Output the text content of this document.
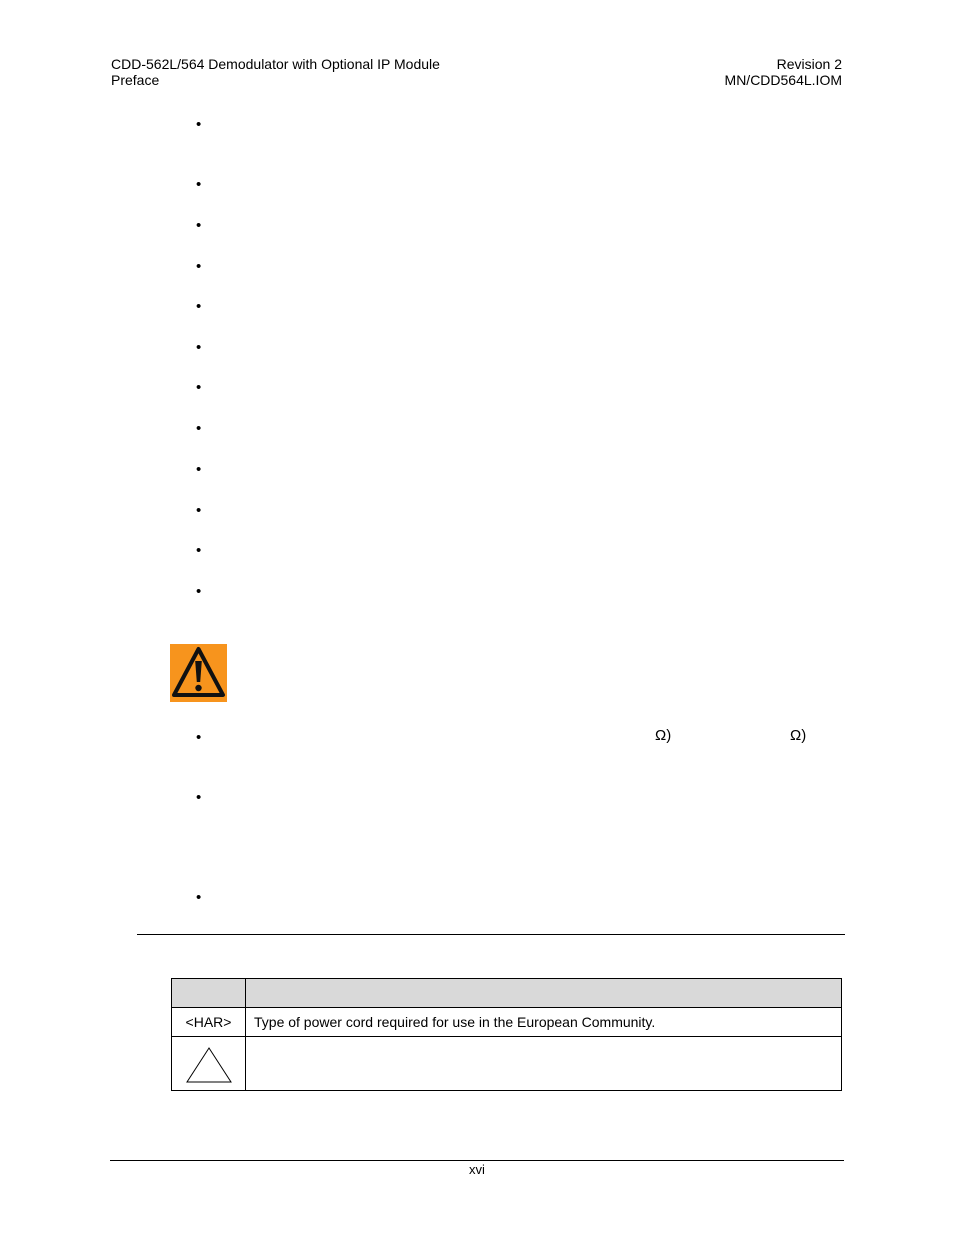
CDD-562L/564 Demodulator with Optional IP Module
Preface
Revision 2
MN/CDD564L.IOM
•
•
•
•
•
•
•
•
•
•
•
•
•
•
•
Ω)	Ω)

<HAR>	Type of power cord required for use in the European Community.

xvi
